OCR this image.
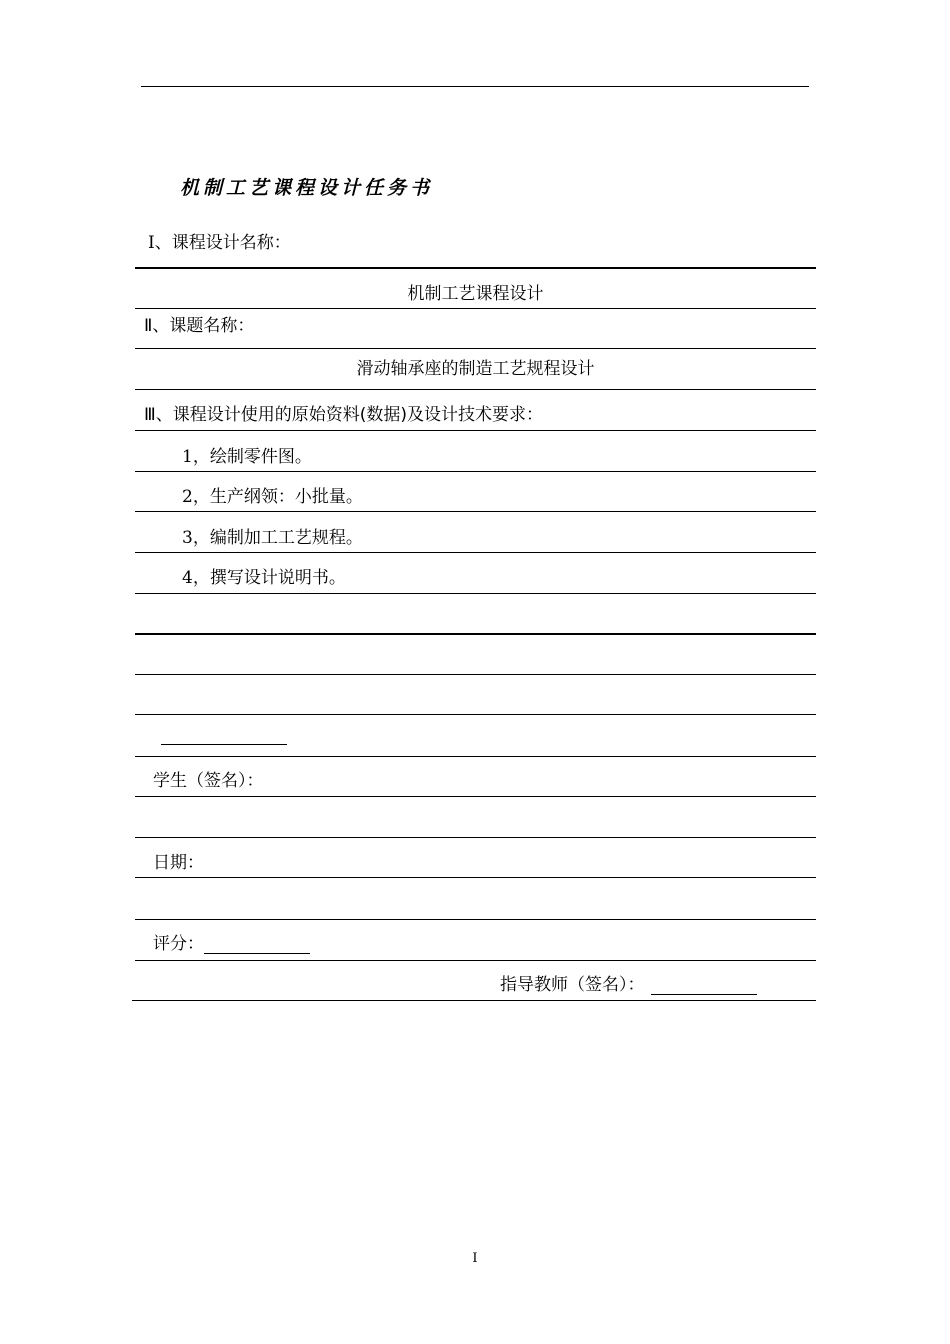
机制工艺课程设计任务书
Ⅰ、课程设计名称：
机制工艺课程设计
Ⅱ、课题名称：
滑动轴承座的制造工艺规程设计
Ⅲ、课程设计使用的原始资料(数据)及设计技术要求：
1，绘制零件图。
2，生产纲领：小批量。
3，编制加工工艺规程。
4，撰写设计说明书。
学生（签名）：
日期：
评分：
指导教师（签名）：
I
